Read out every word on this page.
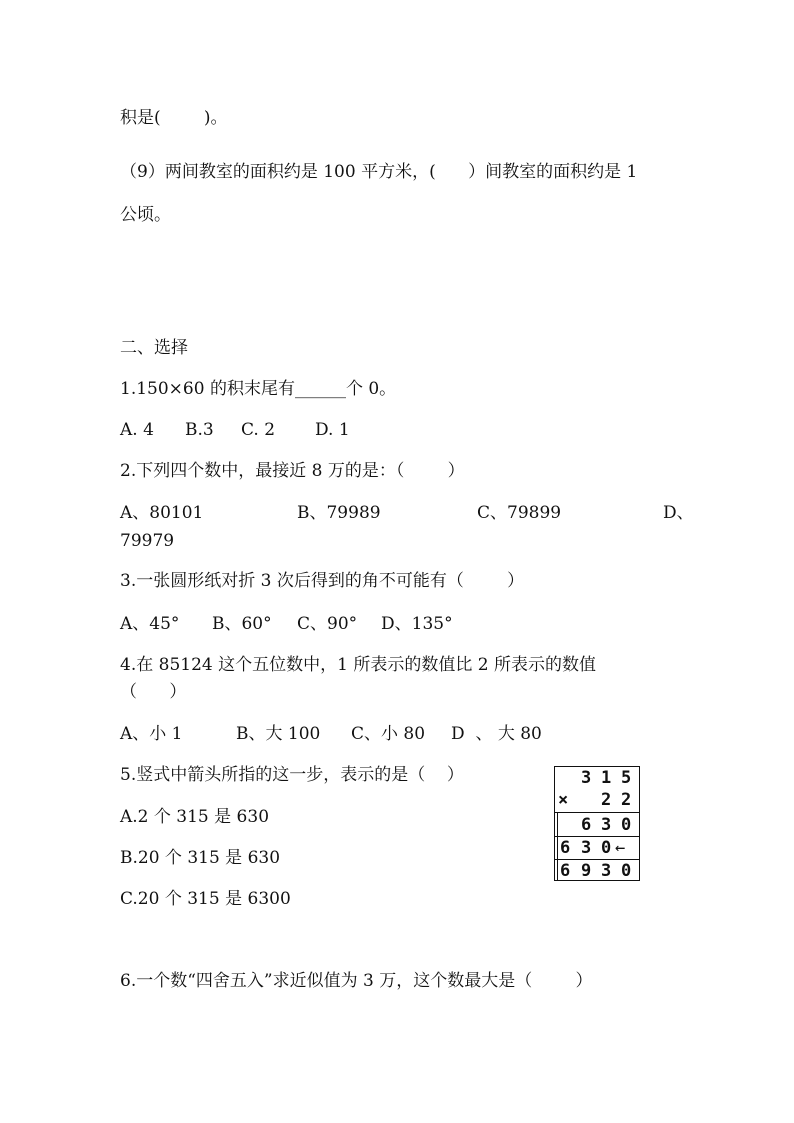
积是(        )。
（9）两间教室的面积约是 100 平方米，(      ）间教室的面积约是 1
公顷。
二、选择
1.150×60 的积末尾有______个 0。

A. 4

B.3

C. 2

D. 1

2.下列四个数中，最接近 8 万的是：（        ）

A、80101

	B、79989

	C、79899

	D、

79979
3.一张圆形纸对折 3 次后得到的角不可能有（        ）

A、45°

B、60°

C、90°

D、135°

4.在 85124 这个五位数中，1 所表示的数值比 2 所表示的数值
（      ）

A、小 1

	B、大 100

C、小 80

D  、 大 80

5.竖式中箭头所指的这一步，表示的是（    ）
A.2 个 315 是 630
B.20 个 315 是 630
C.20 个 315 是 6300
3 1 5
× 2 2
6 3 0
6 3 0 ←
6 9 3 0
6.一个数“四舍五入”求近似值为 3 万，这个数最大是（        ）
